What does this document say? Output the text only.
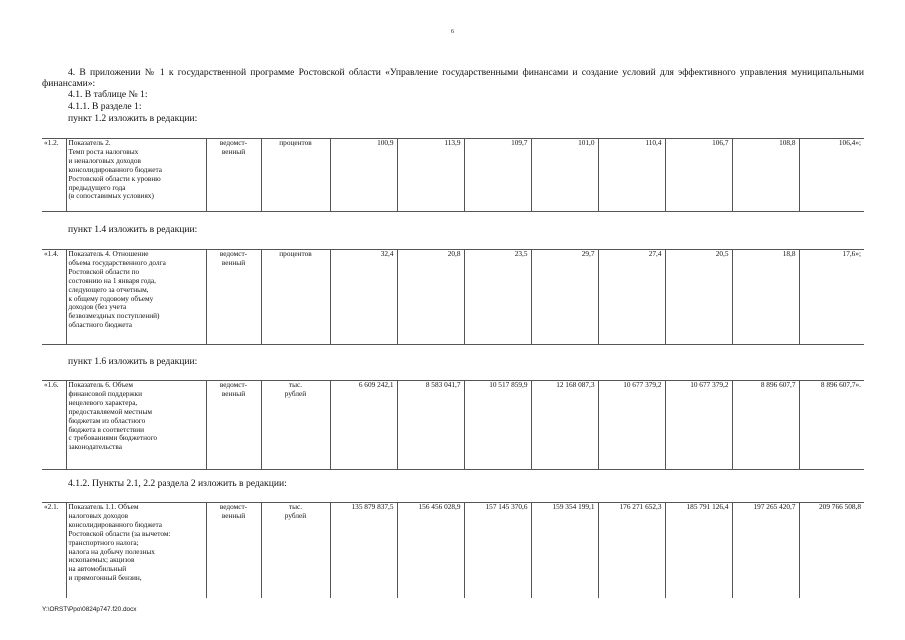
6
4. В приложении № 1 к государственной программе Ростовской области «Управление государственными финансами и создание условий для эффективного управления муниципальными финансами»:
4.1. В таблице № 1:
4.1.1. В разделе 1:
пункт 1.2 изложить в редакции:
«1.2.	Показатель 2.
Темп роста налоговых
и неналоговых доходов
консолидированного бюджета
Ростовской области к уровню
предыдущего года
(в сопоставимых условиях)	ведомст-
венный	процентов	100,9	113,9	109,7	101,0	110,4	106,7	108,8	106,4»;
пункт 1.4 изложить в редакции:
«1.4.	Показатель 4. Отношение
объема государственного долга
Ростовской области по
состоянию на 1 января года,
следующего за отчетным,
к общему годовому объему
доходов (без учета
безвозмездных поступлений)
областного бюджета	ведомст-
венный	процентов	32,4	20,8	23,5	29,7	27,4	20,5	18,8	17,6»;
пункт 1.6 изложить в редакции:
«1.6.	Показатель 6. Объем
финансовой поддержки
нецелевого характера,
предоставляемой местным
бюджетам из областного
бюджета в соответствии
с требованиями бюджетного
законодательства	ведомст-
венный	тыс.
рублей	6 609 242,1	8 583 041,7	10 517 859,9	12 168 087,3	10 677 379,2	10 677 379,2	8 896 607,7	8 896 607,7».
4.1.2. Пункты 2.1, 2.2 раздела 2 изложить в редакции:
«2.1.	Показатель 1.1. Объем
налоговых доходов
консолидированного бюджета
Ростовской области (за вычетом:
транспортного налога;
налога на добычу полезных
ископаемых; акцизов
на автомобильный
и прямогонный бензин,	ведомст-
венный	тыс.
рублей	135 879 837,5	156 456 028,9	157 145 370,6	159 354 199,1	176 271 652,3	185 791 126,4	197 265 420,7	209 766 508,8
Y:\ORST\Ppo\0824p747.f20.docx
